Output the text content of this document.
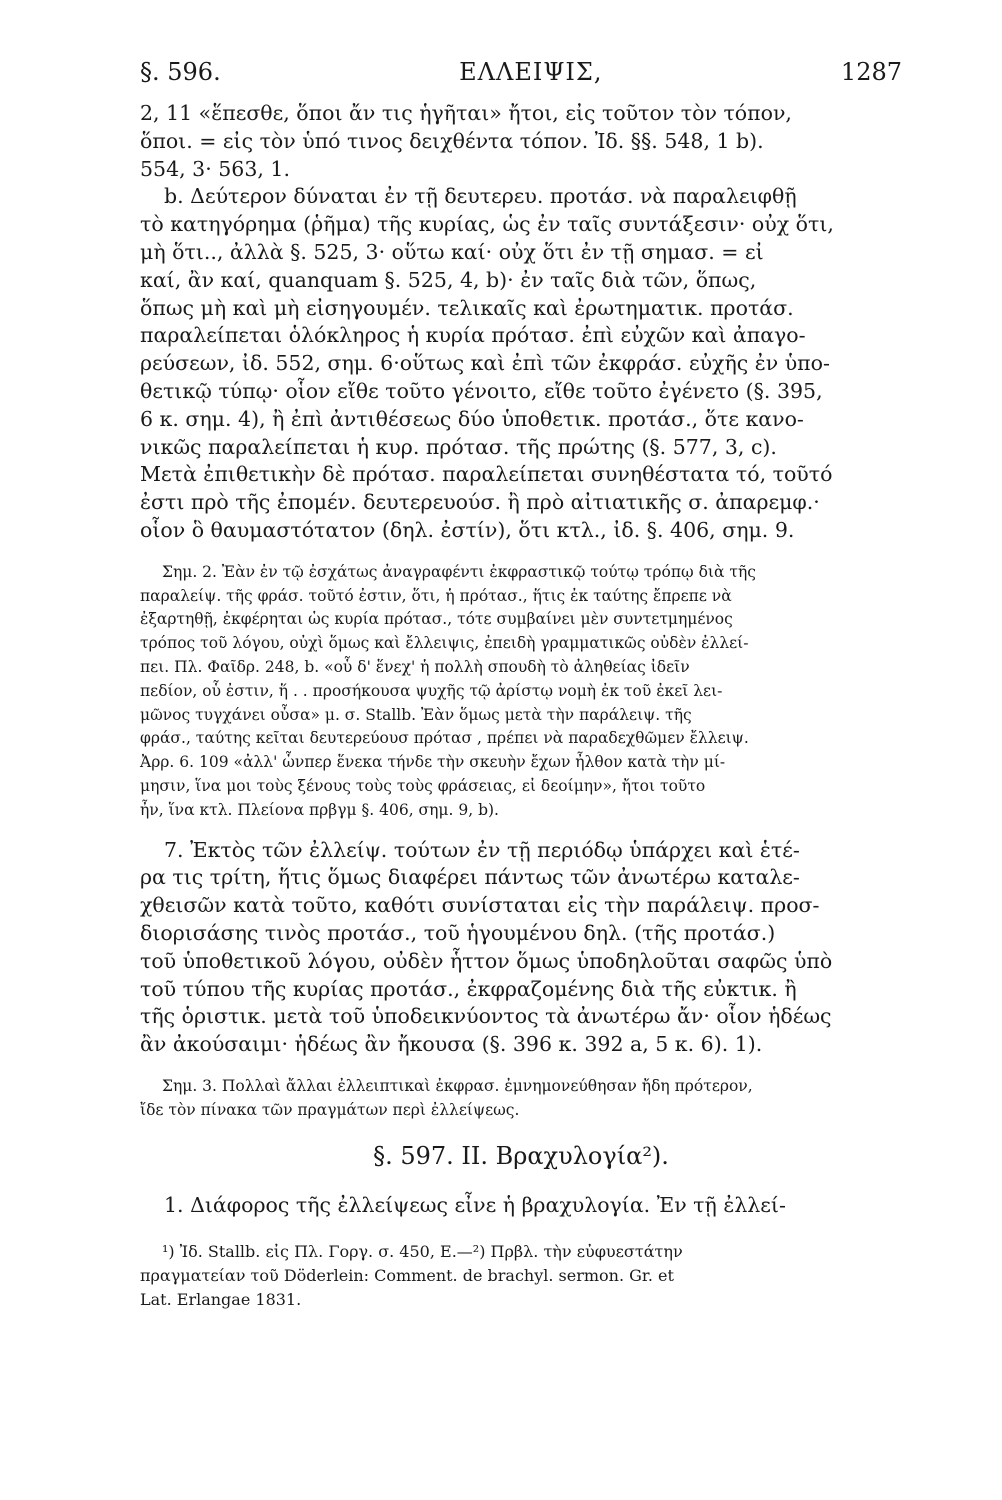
§. 596.	ΕΛΛΕΙΨΙΣ,	1287
2, 11 «ἕπεσθε, ὅποι ἄν τις ἡγῆται» ἤτοι, εἰς τοῦτον τὸν τόπον,
ὅποι. = εἰς τὸν ὑπό τινος δειχθέντα τόπον. Ἰδ. §§. 548, 1 b).
554, 3· 563, 1.
b. Δεύτερον δύναται ἐν τῇ δευτερευ. προτάσ. νὰ παραλειφθῇ
τὸ κατηγόρημα (ῥῆμα) τῆς κυρίας, ὡς ἐν ταῖς συντάξεσιν· οὐχ ὅτι,
μὴ ὅτι.., ἀλλὰ §. 525, 3· οὕτω καί· οὐχ ὅτι ἐν τῇ σημασ. = εἰ
καί, ἂν καί, quanquam §. 525, 4, b)· ἐν ταῖς διὰ τῶν, ὅπως,
ὅπως μὴ καὶ μὴ εἰσηγουμέν. τελικαῖς καὶ ἐρωτηματικ. προτάσ.
παραλείπεται ὁλόκληρος ἡ κυρία πρότασ. ἐπὶ εὐχῶν καὶ ἀπαγο-
ρεύσεων, ἰδ. 552, σημ. 6·οὕτως καὶ ἐπὶ τῶν ἐκφράσ. εὐχῆς ἐν ὑπο-
θετικῷ τύπῳ· οἷον εἴθε τοῦτο γένοιτο, εἴθε τοῦτο ἐγένετο (§. 395,
6 κ. σημ. 4), ἢ ἐπὶ ἀντιθέσεως δύο ὑποθετικ. προτάσ., ὅτε κανο-
νικῶς παραλείπεται ἡ κυρ. πρότασ. τῆς πρώτης (§. 577, 3, c).
Μετὰ ἐπιθετικὴν δὲ πρότασ. παραλείπεται συνηθέστατα τό, τοῦτό
ἐστι πρὸ τῆς ἐπομέν. δευτερευούσ. ἢ πρὸ αἰτιατικῆς σ. ἀπαρεμφ.·
οἷον ὃ θαυμαστότατον (δηλ. ἐστίν), ὅτι κτλ., ἰδ. §. 406, σημ. 9.
Σημ. 2. Ἐὰν ἐν τῷ ἐσχάτως ἀναγραφέντι ἐκφραστικῷ τούτῳ τρόπῳ διὰ τῆς
παραλείψ. τῆς φράσ. τοῦτό ἐστιν, ὅτι, ἡ πρότασ., ἥτις ἐκ ταύτης ἔπρεπε νὰ
ἐξαρτηθῇ, ἐκφέρηται ὡς κυρία πρότασ., τότε συμβαίνει μὲν συντετμημένος
τρόπος τοῦ λόγου, οὐχὶ ὅμως καὶ ἔλλειψις, ἐπειδὴ γραμματικῶς οὐδὲν ἐλλεί-
πει. Πλ. Φαῖδρ. 248, b. «οὗ δ' ἕνεχ' ἡ πολλὴ σπουδὴ τὸ ἀληθείας ἰδεῖν
πεδίον, οὗ ἐστιν, ἥ . . προσήκουσα ψυχῆς τῷ ἀρίστῳ νομὴ ἐκ τοῦ ἐκεῖ λει-
μῶνος τυγχάνει οὖσα» μ. σ. Stallb. Ἐὰν ὅμως μετὰ τὴν παράλειψ. τῆς
φράσ., ταύτης κεῖται δευτερεύουσ πρότασ , πρέπει νὰ παραδεχθῶμεν ἔλλειψ.
Ἀρρ. 6. 109 «ἀλλ' ὧνπερ ἕνεκα τήνδε τὴν σκευὴν ἔχων ἦλθον κατὰ τὴν μί-
μησιν, ἵνα μοι τοὺς ξένους τοὺς τοὺς φράσειας, εἰ δεοίμην», ἤτοι τοῦτο
ἦν, ἵνα κτλ. Πλείονα πρβγμ §. 406, σημ. 9, b).
7. Ἐκτὸς τῶν ἐλλείψ. τούτων ἐν τῇ περιόδῳ ὑπάρχει καὶ ἑτέ-
ρα τις τρίτη, ἥτις ὅμως διαφέρει πάντως τῶν ἀνωτέρω καταλε-
χθεισῶν κατὰ τοῦτο, καθότι συνίσταται εἰς τὴν παράλειψ. προσ-
διορισάσης τινὸς προτάσ., τοῦ ἡγουμένου δηλ. (τῆς προτάσ.)
τοῦ ὑποθετικοῦ λόγου, οὐδὲν ἧττον ὅμως ὑποδηλοῦται σαφῶς ὑπὸ
τοῦ τύπου τῆς κυρίας προτάσ., ἐκφραζομένης διὰ τῆς εὐκτικ. ἢ
τῆς ὁριστικ. μετὰ τοῦ ὑποδεικνύοντος τὰ ἀνωτέρω ἄν· οἷον ἡδέως
ἂν ἀκούσαιμι· ἡδέως ἂν ἤκουσα (§. 396 κ. 392 a, 5 κ. 6). 1).
Σημ. 3. Πολλαὶ ἄλλαι ἐλλειπτικαὶ ἐκφρασ. ἐμνημονεύθησαν ἤδη πρότερον,
ἴδε τὸν πίνακα τῶν πραγμάτων περὶ ἐλλείψεως.
§. 597. II. Βραχυλογία²).
1. Διάφορος τῆς ἐλλείψεως εἶνε ἡ βραχυλογία. Ἐν τῇ ἐλλεί-
¹) Ἰδ. Stallb. εἰς Πλ. Γοργ. σ. 450, E.—²) Πρβλ. τὴν εὐφυεστάτην
πραγματείαν τοῦ Döderlein: Comment. de brachyl. sermon. Gr. et
Lat. Erlangae 1831.
